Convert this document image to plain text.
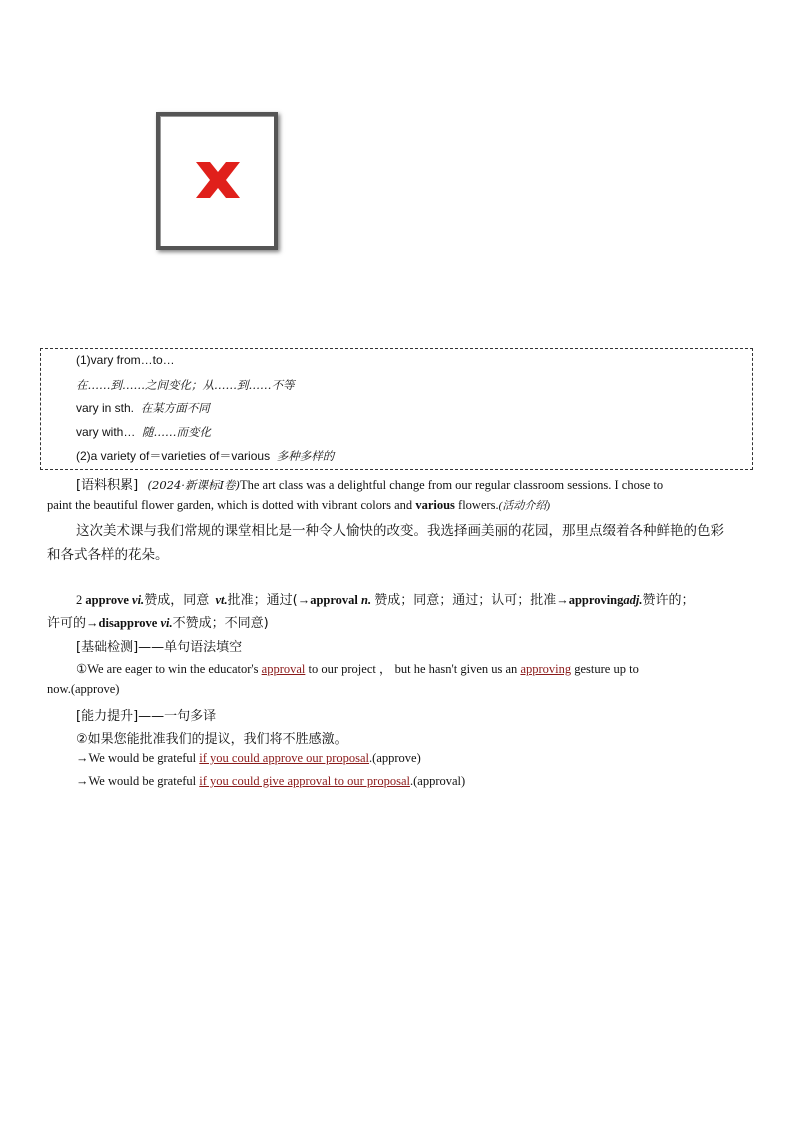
(1)vary from…to…
在……到……之间变化；从……到……不等
vary in sth. 在某方面不同
vary with… 随……而变化
(2)a variety of＝varieties of＝various 多种多样的
[语料积累] (2024·新课标Ⅰ卷)The art class was a delightful change from our regular classroom sessions. I chose to
paint the beautiful flower garden, which is dotted with vibrant colors and various flowers.(活动介绍)
这次美术课与我们常规的课堂相比是一种令人愉快的改变。我选择画美丽的花园，那里点缀着各种鲜艳的色彩
和各式各样的花朵。
2 approve vi.赞成，同意 vt.批准；通过(→approval n. 赞成；同意；通过；认可；批准→approvingadj.赞许的；
许可的→disapprove vi.不赞成；不同意)
[基础检测]——单句语法填空
①We are eager to win the educator's approval to our project ， but he hasn't given us an approving gesture up to
now.(approve)
[能力提升]——一句多译
②如果您能批准我们的提议，我们将不胜感激。
→We would be grateful if you could approve our proposal.(approve)
→We would be grateful if you could give approval to our proposal.(approval)
